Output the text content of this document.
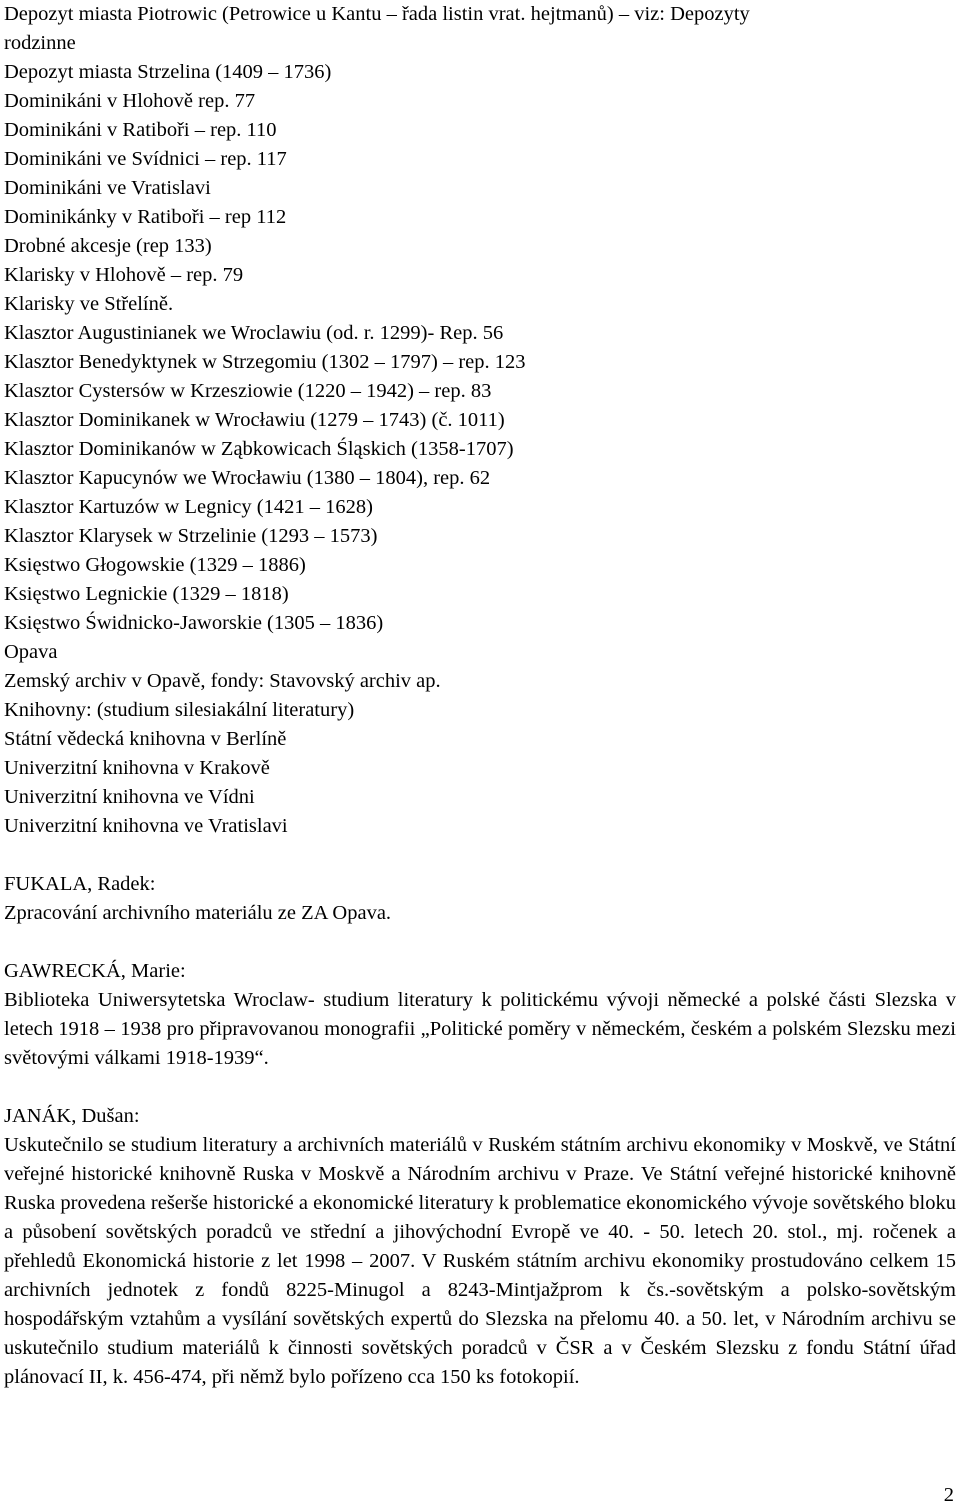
Depozyt miasta Piotrowic (Petrowice u Kantu – řada listin vrat. hejtmanů) – viz: Depozyty
rodzinne
Depozyt miasta Strzelina (1409 – 1736)
Dominikáni v Hlohově rep. 77
Dominikáni v Ratiboři – rep. 110
Dominikáni ve Svídnici – rep. 117
Dominikáni ve Vratislavi
Dominikánky v Ratiboři – rep 112
Drobné akcesje (rep 133)
Klarisky v Hlohově – rep. 79
Klarisky ve Střelíně.
Klasztor Augustinianek we Wroclawiu (od. r. 1299)- Rep. 56
Klasztor Benedyktynek w Strzegomiu (1302 – 1797) – rep. 123
Klasztor Cystersów w Krzesziowie (1220 – 1942) – rep. 83
Klasztor Dominikanek w Wrocławiu (1279 – 1743) (č. 1011)
Klasztor Dominikanów w Ząbkowicach Śląskich (1358-1707)
Klasztor Kapucynów we Wrocławiu (1380 – 1804), rep. 62
Klasztor Kartuzów w Legnicy (1421 – 1628)
Klasztor Klarysek w Strzelinie (1293 – 1573)
Księstwo Głogowskie (1329 – 1886)
Księstwo Legnickie (1329 – 1818)
Księstwo Świdnicko-Jaworskie (1305 – 1836)
Opava
Zemský archiv v Opavě, fondy: Stavovský archiv ap.
Knihovny: (studium silesiakální literatury)
Státní vědecká knihovna v Berlíně
Univerzitní knihovna v Krakově
Univerzitní knihovna ve Vídni
Univerzitní knihovna ve Vratislavi
FUKALA, Radek:
Zpracování archivního materiálu ze ZA Opava.
GAWRECKÁ, Marie:
Biblioteka Uniwersytetska Wroclaw- studium literatury k politickému vývoji německé a polské části Slezska v letech 1918 – 1938 pro připravovanou monografii „Politické poměry v německém, českém a polském Slezsku mezi světovými válkami 1918-1939“.
JANÁK, Dušan:
Uskutečnilo se studium literatury a archivních materiálů v Ruském státním archivu ekonomiky v Moskvě, ve Státní veřejné historické knihovně Ruska v Moskvě a Národním archivu v Praze. Ve Státní veřejné historické knihovně Ruska provedena rešerše historické a ekonomické literatury k problematice ekonomického vývoje sovětského bloku a působení sovětských poradců ve střední a jihovýchodní Evropě ve 40. - 50. letech 20. stol., mj. ročenek a přehledů Ekonomická historie z let 1998 – 2007. V Ruském státním archivu ekonomiky prostudováno celkem 15 archivních jednotek z fondů 8225-Minugol a 8243-Mintjažprom k čs.-sovětským a polsko-sovětským hospodářským vztahům a vysílání sovětských expertů do Slezska na přelomu 40. a 50. let, v Národním archivu se uskutečnilo studium materiálů k činnosti sovětských poradců v ČSR a v Českém Slezsku z fondu Státní úřad plánovací II, k. 456-474, při němž bylo pořízeno cca 150 ks fotokopií.
2
